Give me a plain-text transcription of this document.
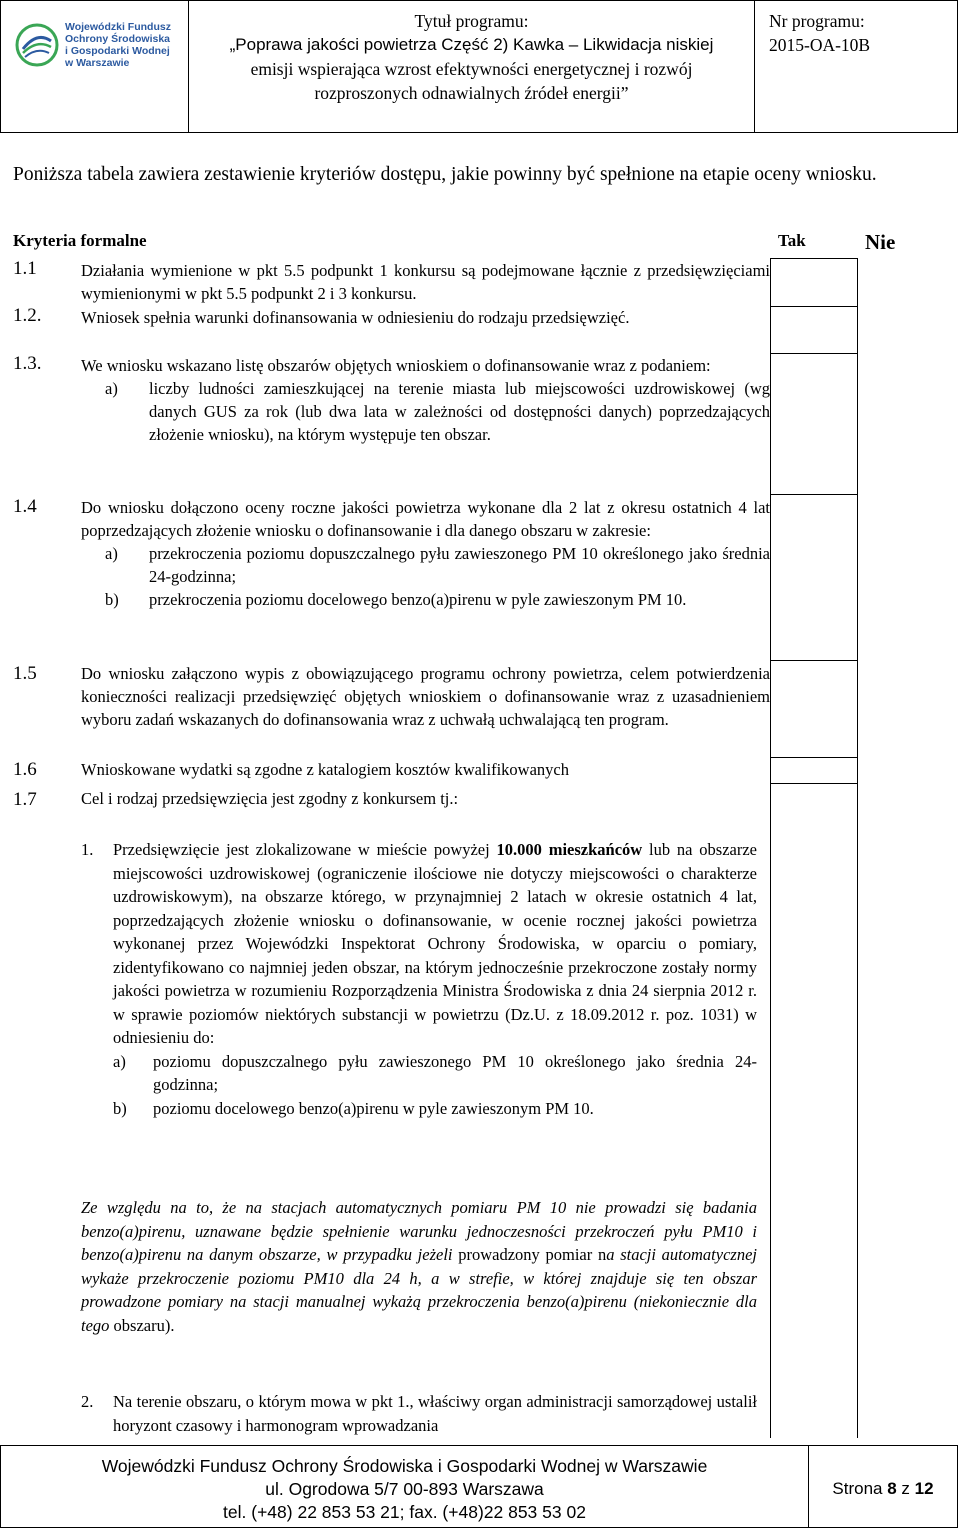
Wojewódzki Fundusz
Ochrony Środowiska
i Gospodarki Wodnej
w Warszawie
Tytuł programu:
„Poprawa jakości powietrza Część 2) Kawka – Likwidacja niskiej
emisji wspierająca wzrost efektywności energetycznej i rozwój
rozproszonych odnawialnych źródeł energii”
Nr programu:
2015-OA-10B
Poniższa tabela zawiera zestawienie kryteriów dostępu, jakie powinny być spełnione na etapie oceny wniosku.
Kryteria formalne	Tak	Nie
1.1	Działania wymienione w pkt 5.5 podpunkt 1 konkursu są podejmowane łącznie z przedsięwzięciami wymienionymi w pkt 5.5 podpunkt 2 i 3 konkursu.
1.2. Wniosek spełnia warunki dofinansowania w odniesieniu do rodzaju przedsięwzięć.
1.3. We wniosku wskazano listę obszarów objętych wnioskiem o dofinansowanie wraz z podaniem:
a)	liczby ludności zamieszkującej na terenie miasta lub miejscowości uzdrowiskowej (wg danych GUS za rok (lub dwa lata w zależności od dostępności danych) poprzedzających złożenie wniosku), na którym występuje ten obszar.
1.4	Do wniosku dołączono oceny roczne jakości powietrza wykonane dla 2 lat z okresu ostatnich 4 lat poprzedzających złożenie wniosku o dofinansowanie i dla danego obszaru w zakresie:
a)	przekroczenia poziomu dopuszczalnego pyłu zawieszonego PM 10 określonego jako średnia 24-godzinna;
b)	przekroczenia poziomu docelowego benzo(a)pirenu w pyle zawieszonym PM 10.
1.5	Do wniosku załączono wypis z obowiązującego programu ochrony powietrza, celem potwierdzenia konieczności realizacji przedsięwzięć objętych wnioskiem o dofinansowanie wraz z uzasadnieniem wyboru zadań wskazanych do dofinansowania wraz z uchwałą uchwalającą ten program.
1.6	Wnioskowane wydatki są zgodne z katalogiem kosztów kwalifikowanych
1.7	Cel i rodzaj przedsięwzięcia jest zgodny z konkursem tj.:
1.	Przedsięwzięcie jest zlokalizowane w mieście powyżej 10.000 mieszkańców lub na obszarze miejscowości uzdrowiskowej (ograniczenie ilościowe nie dotyczy miejscowości o charakterze uzdrowiskowym), na obszarze którego, w przynajmniej 2 latach w okresie ostatnich 4 lat, poprzedzających złożenie wniosku o dofinansowanie, w ocenie rocznej jakości powietrza wykonanej przez Wojewódzki Inspektorat Ochrony Środowiska, w oparciu o pomiary, zidentyfikowano co najmniej jeden obszar, na którym jednocześnie przekroczone zostały normy jakości powietrza w rozumieniu Rozporządzenia Ministra Środowiska z dnia 24 sierpnia 2012 r. w sprawie poziomów niektórych substancji w powietrzu (Dz.U. z 18.09.2012 r. poz. 1031) w odniesieniu do:
a)	poziomu dopuszczalnego pyłu zawieszonego PM 10 określonego jako średnia 24-godzinna;
b)	poziomu docelowego benzo(a)pirenu w pyle zawieszonym PM 10.
Ze względu na to, że na stacjach automatycznych pomiaru PM 10 nie prowadzi się badania benzo(a)pirenu, uznawane będzie spełnienie warunku jednoczesności przekroczeń pyłu PM10 i benzo(a)pirenu na danym obszarze, w przypadku jeżeli prowadzony pomiar na stacji automatycznej wykaże przekroczenie poziomu PM10 dla 24 h, a w strefie, w której znajduje się ten obszar prowadzone pomiary na stacji manualnej wykażą przekroczenia benzo(a)pirenu (niekoniecznie dla tego obszaru).
2.	Na terenie obszaru, o którym mowa w pkt 1., właściwy organ administracji samorządowej ustalił horyzont czasowy i harmonogram wprowadzania
Wojewódzki Fundusz Ochrony Środowiska i Gospodarki Wodnej w Warszawie
ul. Ogrodowa 5/7 00-893 Warszawa
tel. (+48) 22 853 53 21; fax. (+48)22 853 53 02
Strona 8 z 12
